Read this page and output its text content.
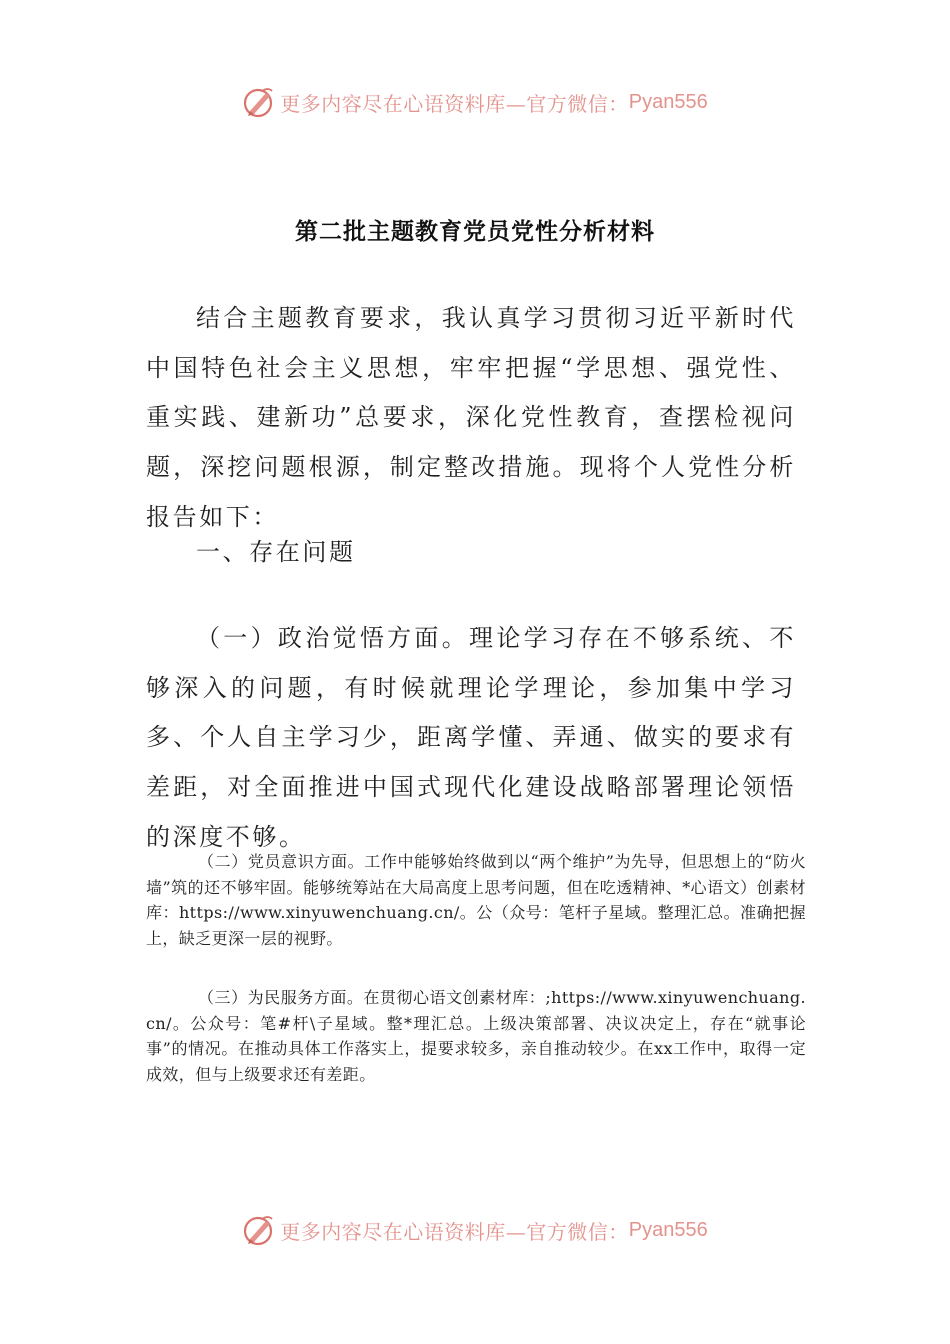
更多内容尽在心语资料库—官方微信： Pyan556
第二批主题教育党员党性分析材料

结合主题教育要求，我认真学习贯彻习近平新时代中国特色社会主义思想，牢牢把握“学思想、强党性、重实践、建新功”总要求，深化党性教育，查摆检视问题，深挖问题根源，制定整改措施。现将个人党性分析报告如下：

一、存在问题

（一）政治觉悟方面。理论学习存在不够系统、不够深入的问题，有时候就理论学理论，参加集中学习多、个人自主学习少，距离学懂、弄通、做实的要求有差距，对全面推进中国式现代化建设战略部署理论领悟的深度不够。

（二）党员意识方面。工作中能够始终做到以“两个维护”为先导，但思想上的“防火墙”筑的还不够牢固。能够统筹站在大局高度上思考问题，但在吃透精神、*心语文）创素材库：https://www.xinyuwenchuang.cn/。公（众号：笔杆子星域。整理汇总。准确把握上，缺乏更深一层的视野。

（三）为民服务方面。在贯彻心语文创素材库：;https://www.xinyuwenchuang.cn/。公众号：笔#杆\子星域。整*理汇总。上级决策部署、决议决定上，存在“就事论事”的情况。在推动具体工作落实上，提要求较多，亲自推动较少。在xx工作中，取得一定成效，但与上级要求还有差距。

更多内容尽在心语资料库—官方微信： Pyan556
